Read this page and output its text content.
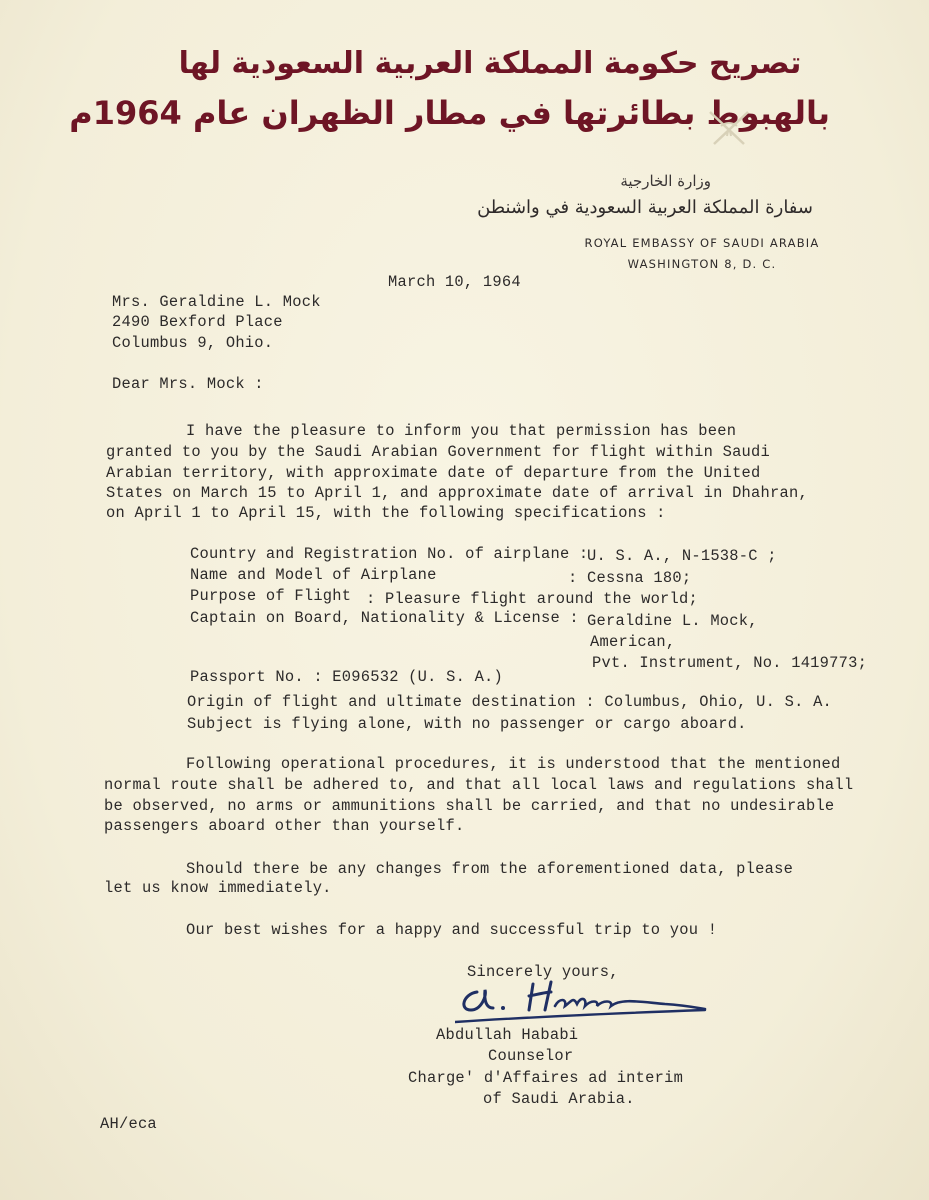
تصريح حكومة المملكة العربية السعودية لها
بالهبوط بطائرتها في مطار الظهران عام 1964م
وزارة الخارجية
سفارة المملكة العربية السعودية في واشنطن
ROYAL EMBASSY OF SAUDI ARABIA
WASHINGTON 8, D. C.
March 10, 1964
Mrs. Geraldine L. Mock
2490 Bexford Place
Columbus 9, Ohio.
Dear Mrs. Mock :
I have the pleasure to inform you that permission has been
granted to you by the Saudi Arabian Government for flight within Saudi
Arabian territory, with approximate date of departure from the United
States on March 15 to April 1, and approximate date of arrival in Dhahran,
on April 1 to April 15, with the following specifications :
Country and Registration No. of airplane :
U. S. A., N-1538-C ;
Name and Model of Airplane	: Cessna 180;
Purpose of Flight : Pleasure flight around the world;
Captain on Board, Nationality & License : Geraldine L. Mock,
American,
Pvt. Instrument, No. 1419773;
Passport No. : E096532 (U. S. A.)
Origin of flight and ultimate destination : Columbus, Ohio, U. S. A.
Subject is flying alone, with no passenger or cargo aboard.
Following operational procedures, it is understood that the mentioned
normal route shall be adhered to, and that all local laws and regulations shall
be observed, no arms or ammunitions shall be carried, and that no undesirable
passengers aboard other than yourself.
Should there be any changes from the aforementioned data, please
let us know immediately.
Our best wishes for a happy and successful trip to you !
Sincerely yours,
Abdullah Hababi
Counselor
Charge' d'Affaires ad interim
of Saudi Arabia.
AH/eca
